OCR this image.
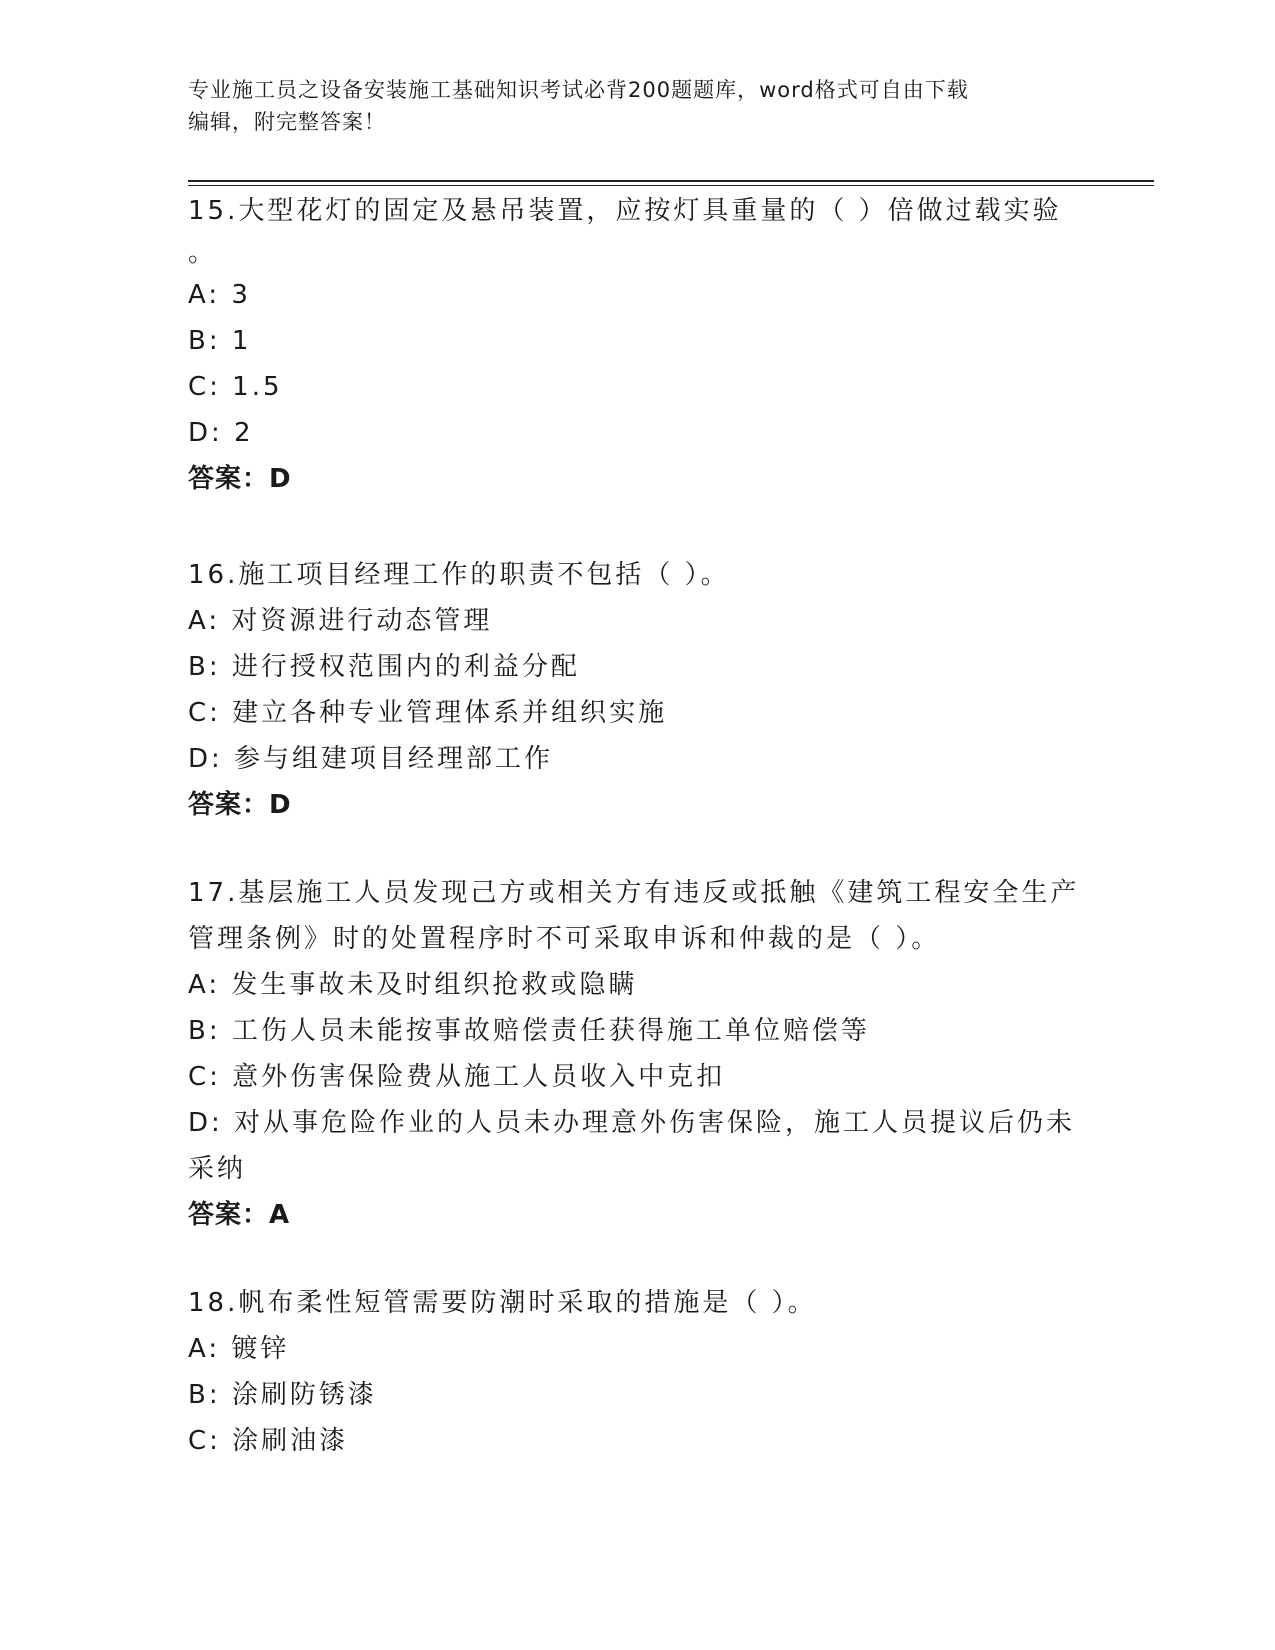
专业施工员之设备安装施工基础知识考试必背200题题库，word格式可自由下载
编辑，附完整答案！

15.大型花灯的固定及悬吊装置，应按灯具重量的（ ）倍做过载实验

。

A: 3

B: 1

C: 1.5

D: 2

答案：D

16.施工项目经理工作的职责不包括（ ）。

A: 对资源进行动态管理

B: 进行授权范围内的利益分配

C: 建立各种专业管理体系并组织实施

D: 参与组建项目经理部工作

答案：D

17.基层施工人员发现己方或相关方有违反或抵触《建筑工程安全生产

管理条例》时的处置程序时不可采取申诉和仲裁的是（ ）。

A: 发生事故未及时组织抢救或隐瞒

B: 工伤人员未能按事故赔偿责任获得施工单位赔偿等

C: 意外伤害保险费从施工人员收入中克扣

D: 对从事危险作业的人员未办理意外伤害保险，施工人员提议后仍未

采纳

答案：A

18.帆布柔性短管需要防潮时采取的措施是（ ）。

A: 镀锌

B: 涂刷防锈漆

C: 涂刷油漆
